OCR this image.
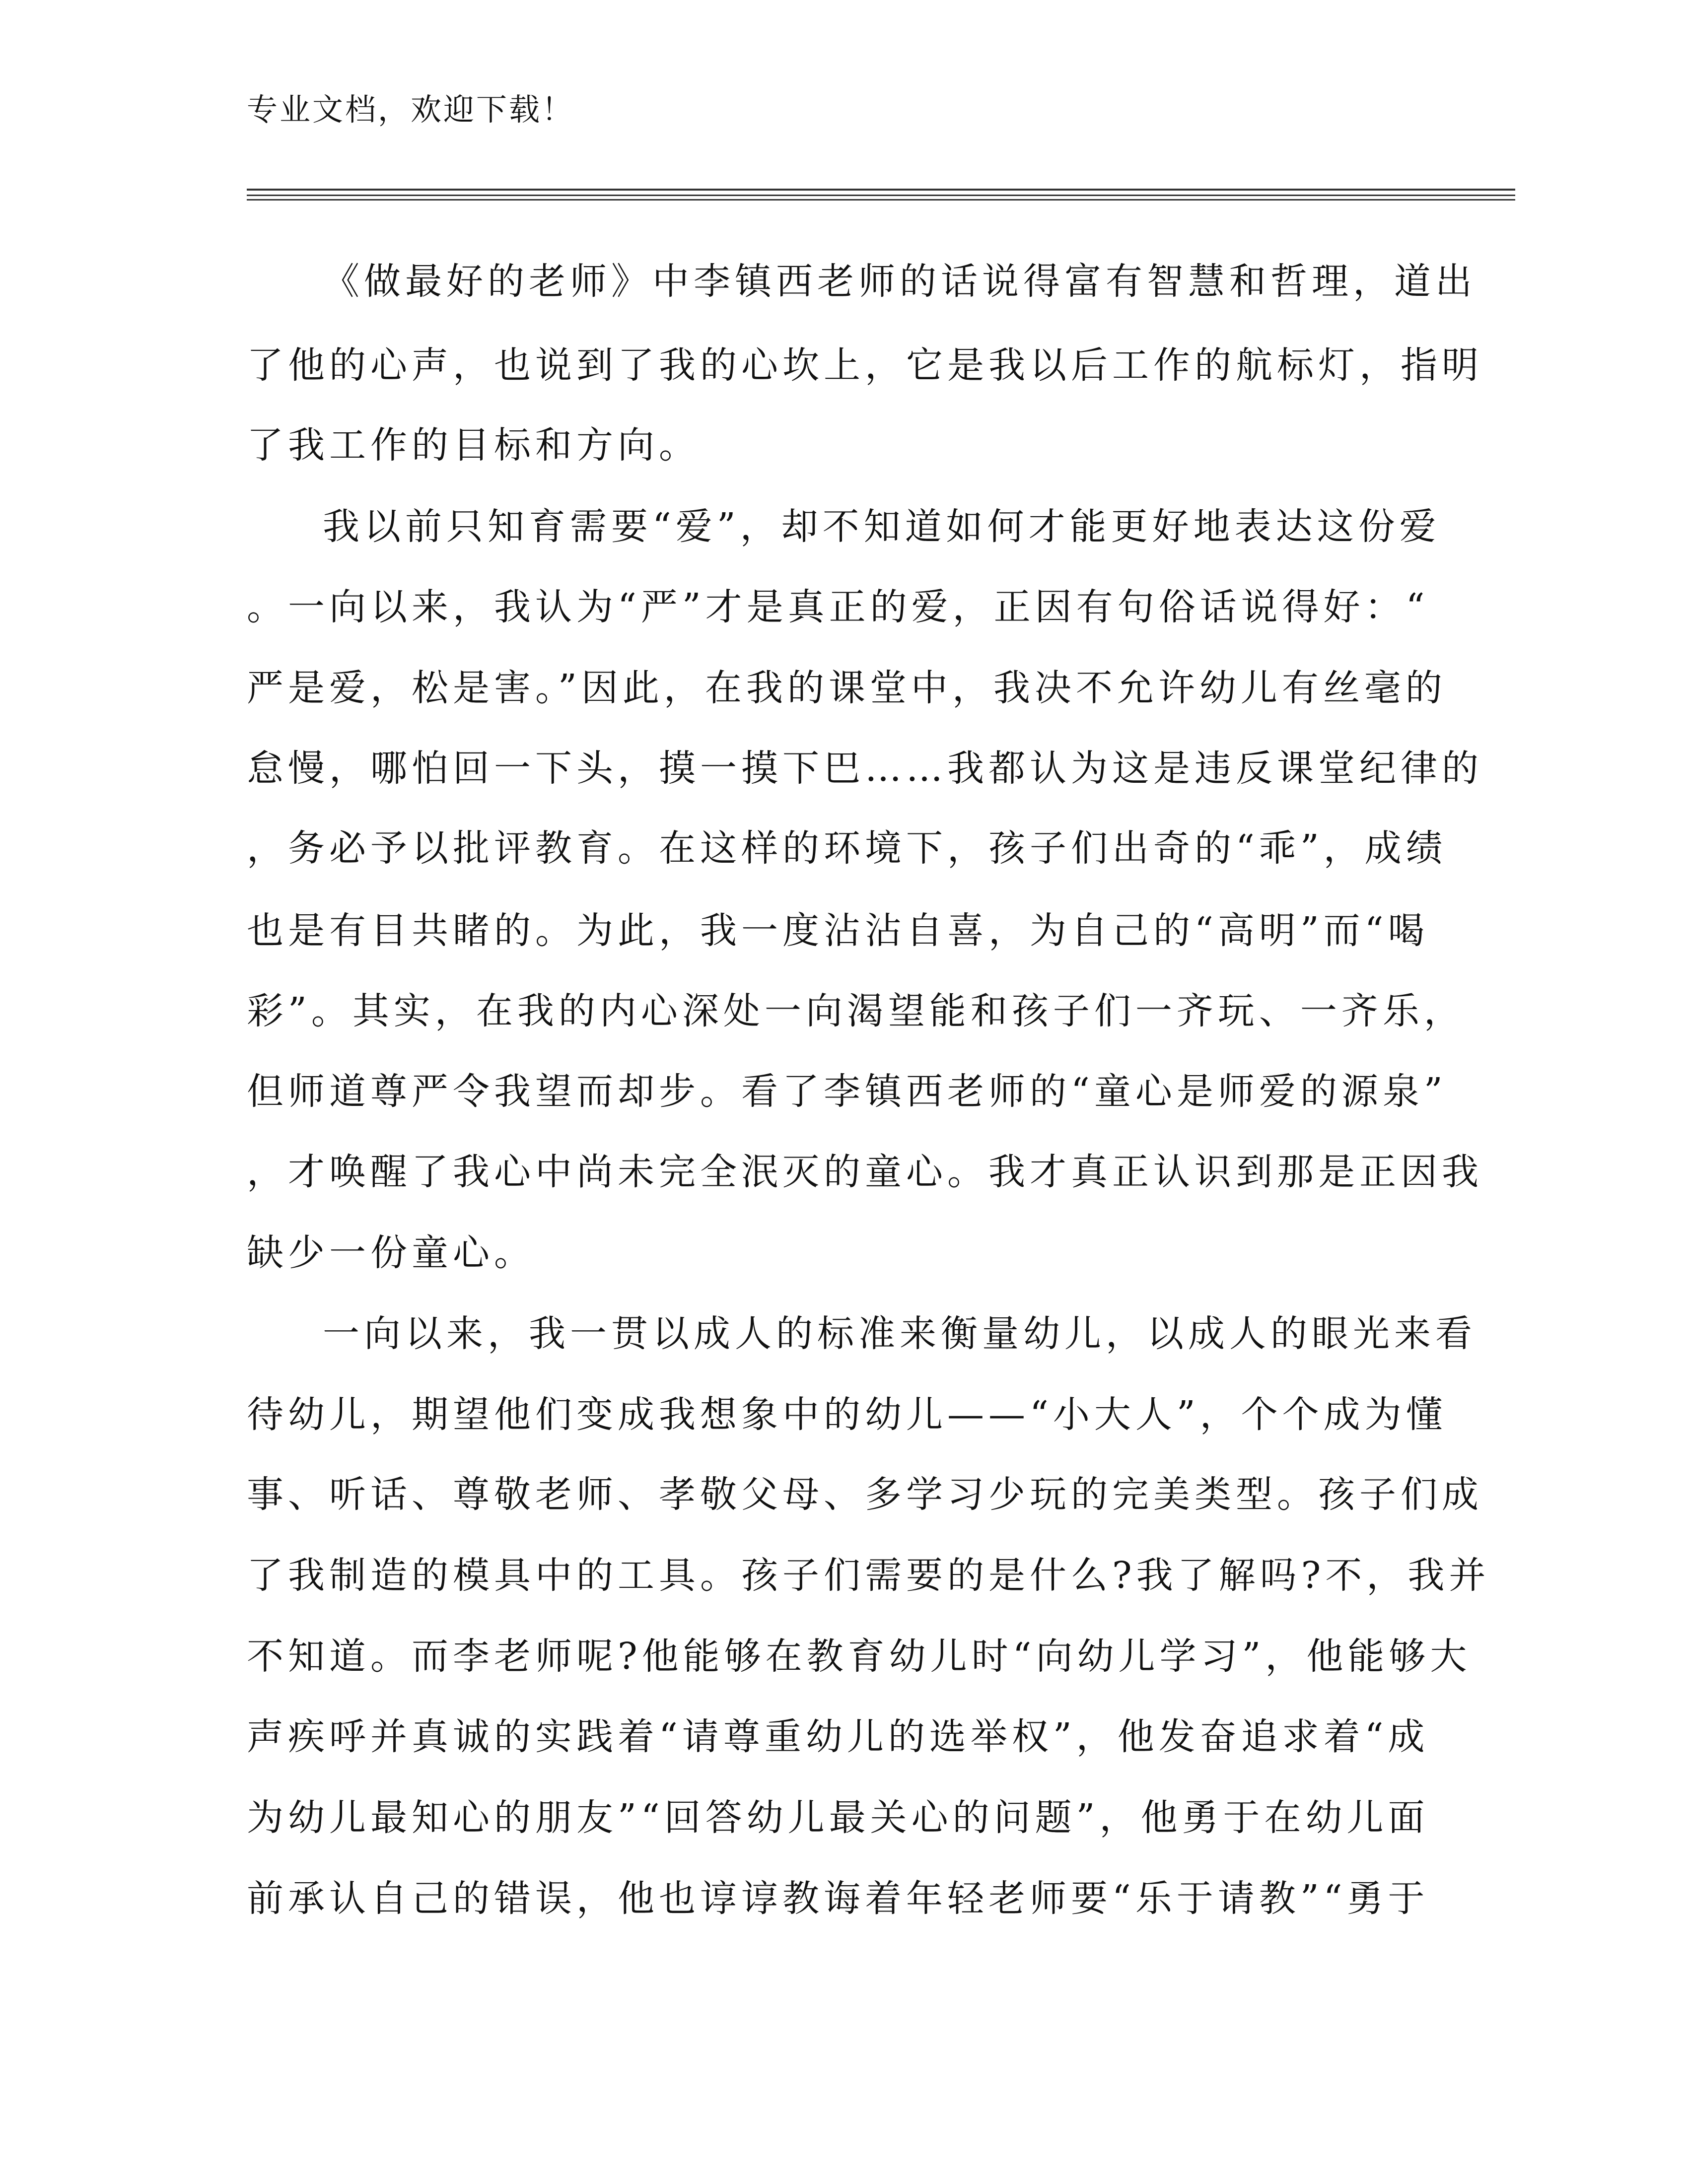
专业文档，欢迎下载！
《做最好的老师》中李镇西老师的话说得富有智慧和哲理，道出
了他的心声，也说到了我的心坎上，它是我以后工作的航标灯，指明
了我工作的目标和方向。
我以前只知育需要“爱”，却不知道如何才能更好地表达这份爱
。一向以来，我认为“严”才是真正的爱，正因有句俗话说得好：“
严是爱，松是害。”因此，在我的课堂中，我决不允许幼儿有丝毫的
怠慢，哪怕回一下头，摸一摸下巴……我都认为这是违反课堂纪律的
，务必予以批评教育。在这样的环境下，孩子们出奇的“乖”，成绩
也是有目共睹的。为此，我一度沾沾自喜，为自己的“高明”而“喝
彩”。其实，在我的内心深处一向渴望能和孩子们一齐玩、一齐乐，
但师道尊严令我望而却步。看了李镇西老师的“童心是师爱的源泉”
，才唤醒了我心中尚未完全泯灭的童心。我才真正认识到那是正因我
缺少一份童心。
一向以来，我一贯以成人的标准来衡量幼儿，以成人的眼光来看
待幼儿，期望他们变成我想象中的幼儿——“小大人”，个个成为懂
事、听话、尊敬老师、孝敬父母、多学习少玩的完美类型。孩子们成
了我制造的模具中的工具。孩子们需要的是什么?我了解吗?不，我并
不知道。而李老师呢?他能够在教育幼儿时“向幼儿学习”，他能够大
声疾呼并真诚的实践着“请尊重幼儿的选举权”，他发奋追求着“成
为幼儿最知心的朋友”“回答幼儿最关心的问题”，他勇于在幼儿面
前承认自己的错误，他也谆谆教诲着年轻老师要“乐于请教”“勇于
